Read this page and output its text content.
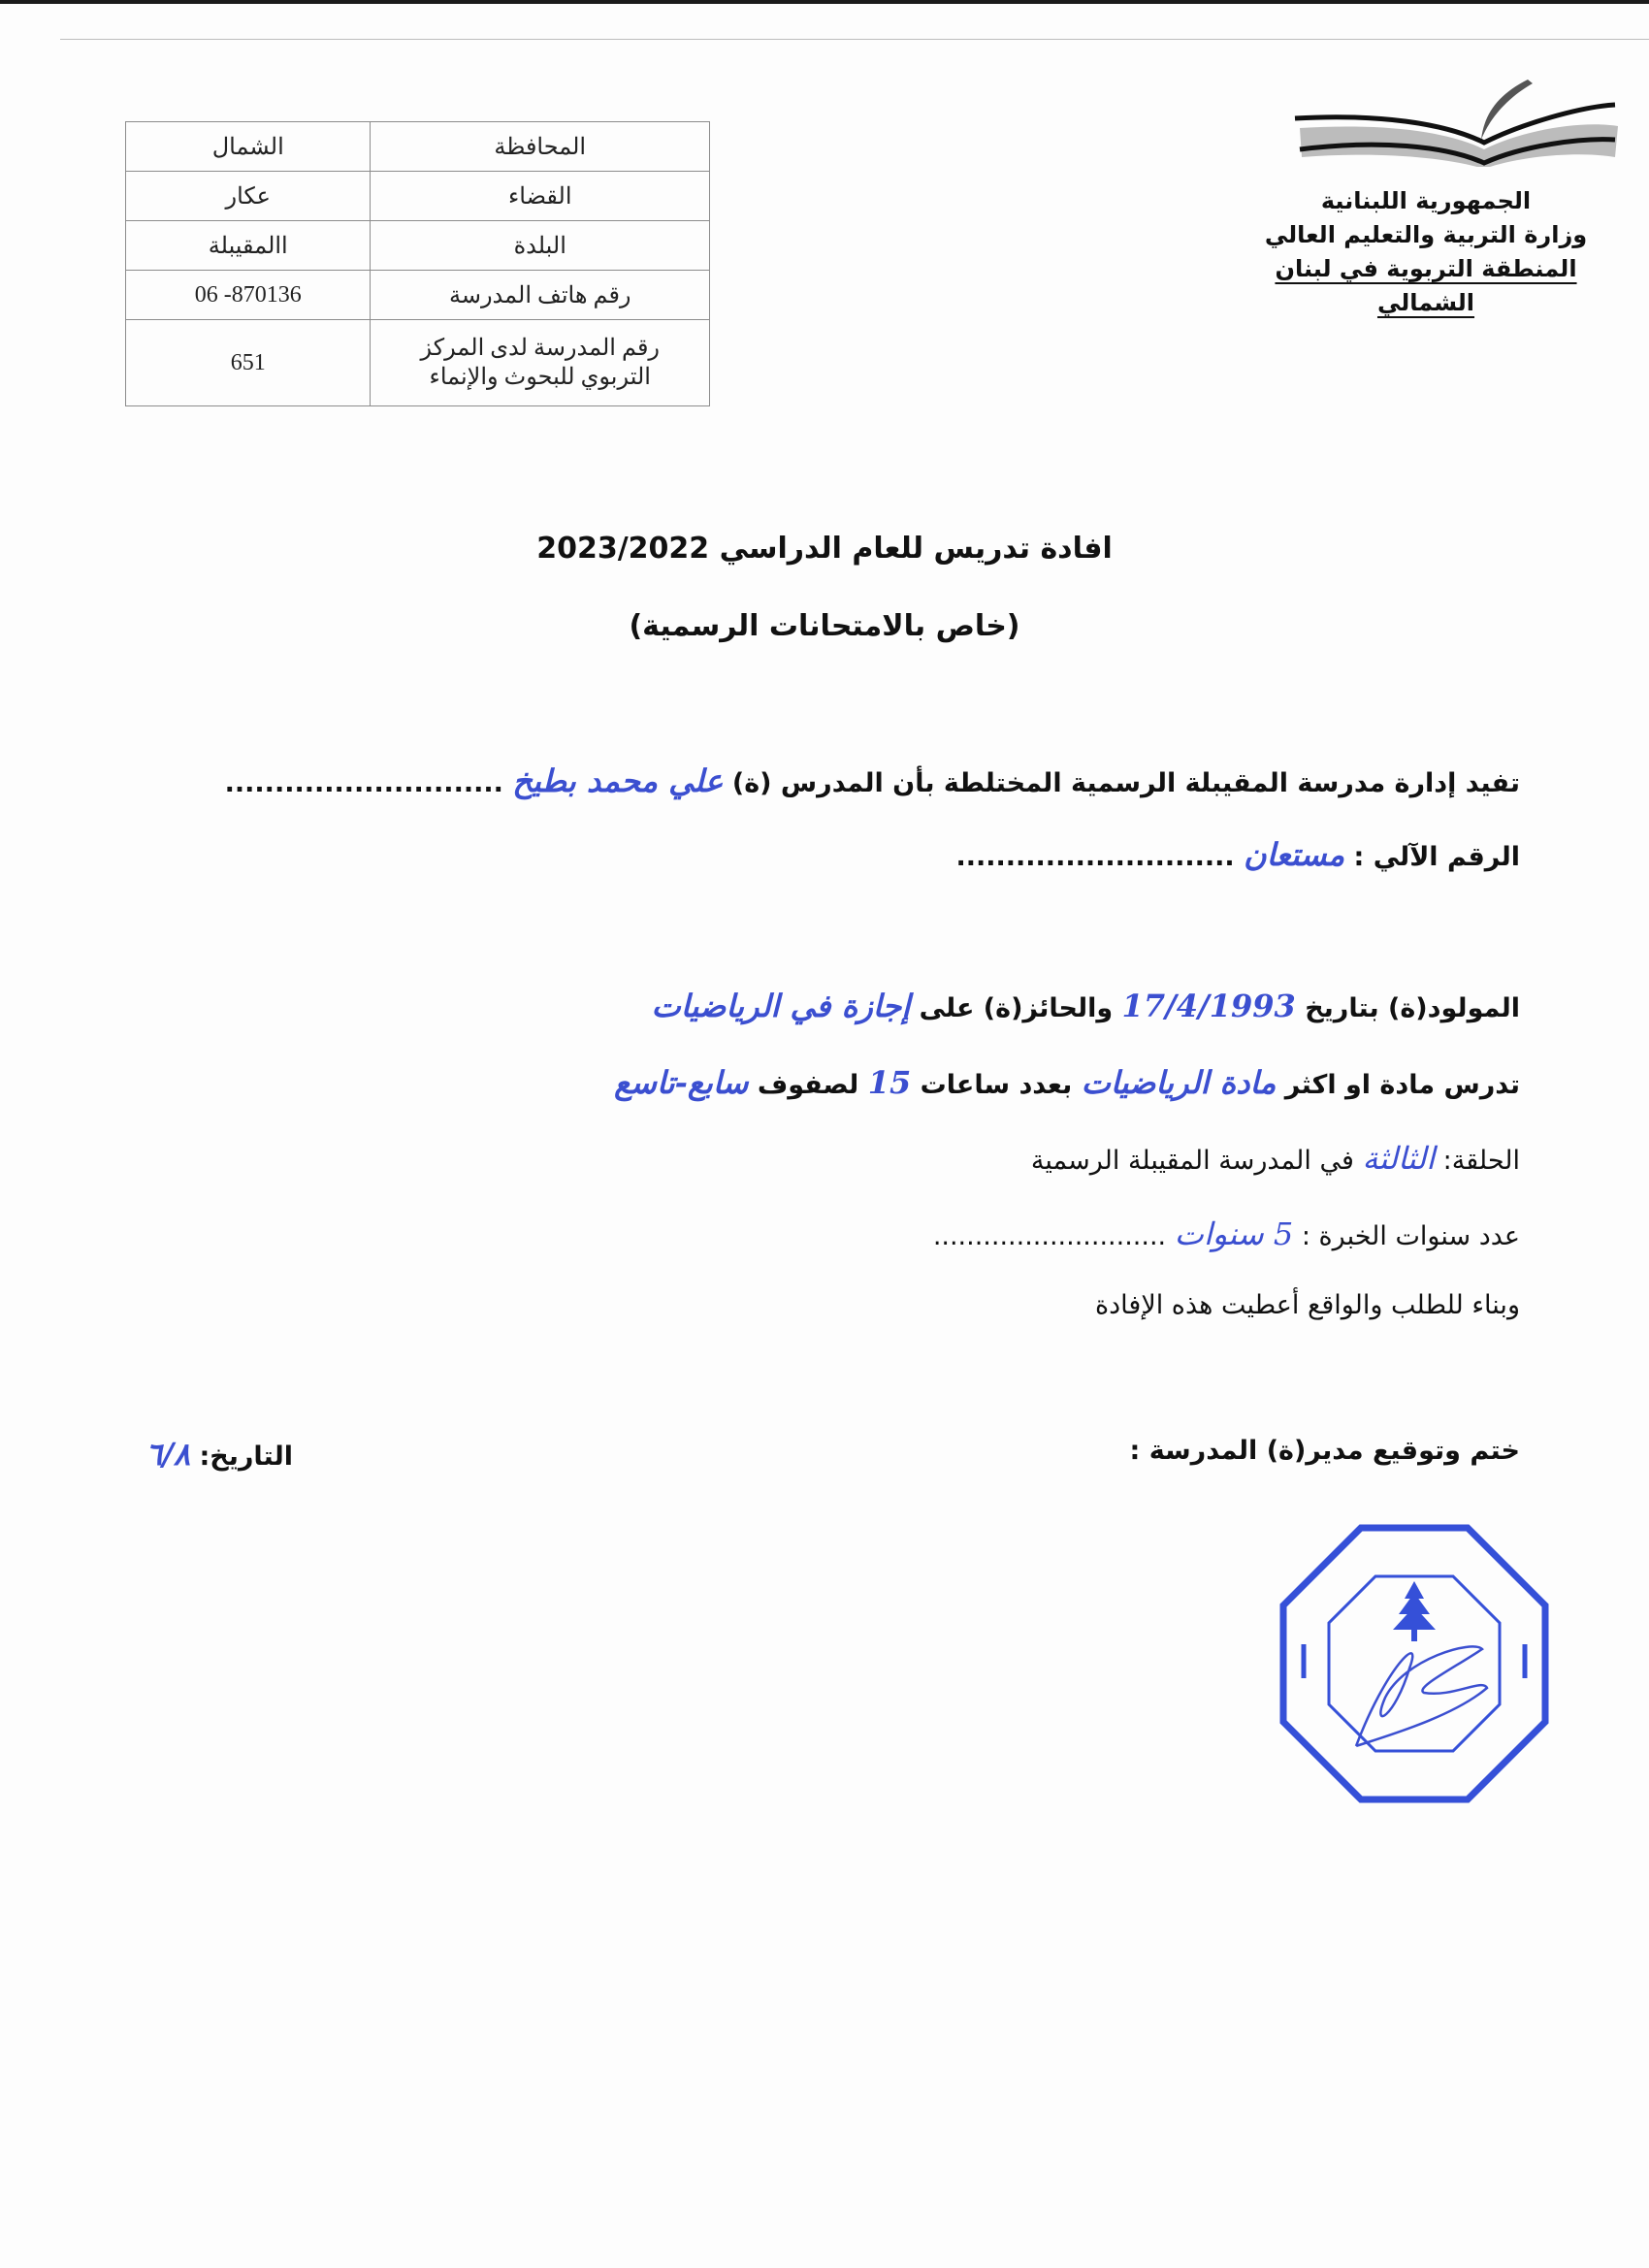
الجمهورية اللبنانية
وزارة التربية والتعليم العالي
المنطقة التربوية في لبنان الشمالي
المحافظة	الشمال
القضاء	عكار
البلدة	االمقيبلة
رقم هاتف المدرسة	06 -870136

رقم المدرسة لدى المركز
التربوي للبحوث والإنماء	651
افادة تدريس للعام الدراسي 2023/2022
(خاص بالامتحانات الرسمية)
تفيد إدارة مدرسة المقيبلة الرسمية المختلطة بأن المدرس (ة) علي محمد بطيخ ............................
الرقم الآلي : مستعان ............................
المولود(ة) بتاريخ 17/4/1993 والحائز(ة) على إجازة في الرياضيات
تدرس مادة او اكثر مادة الرياضيات بعدد ساعات 15 لصفوف سابع-تاسع
الحلقة: الثالثة في المدرسة المقيبلة الرسمية
عدد سنوات الخبرة : 5 سنوات ............................
وبناء للطلب والواقع أعطيت هذه الإفادة
ختم وتوقيع مدير(ة) المدرسة :
التاريخ: ٦/٨
